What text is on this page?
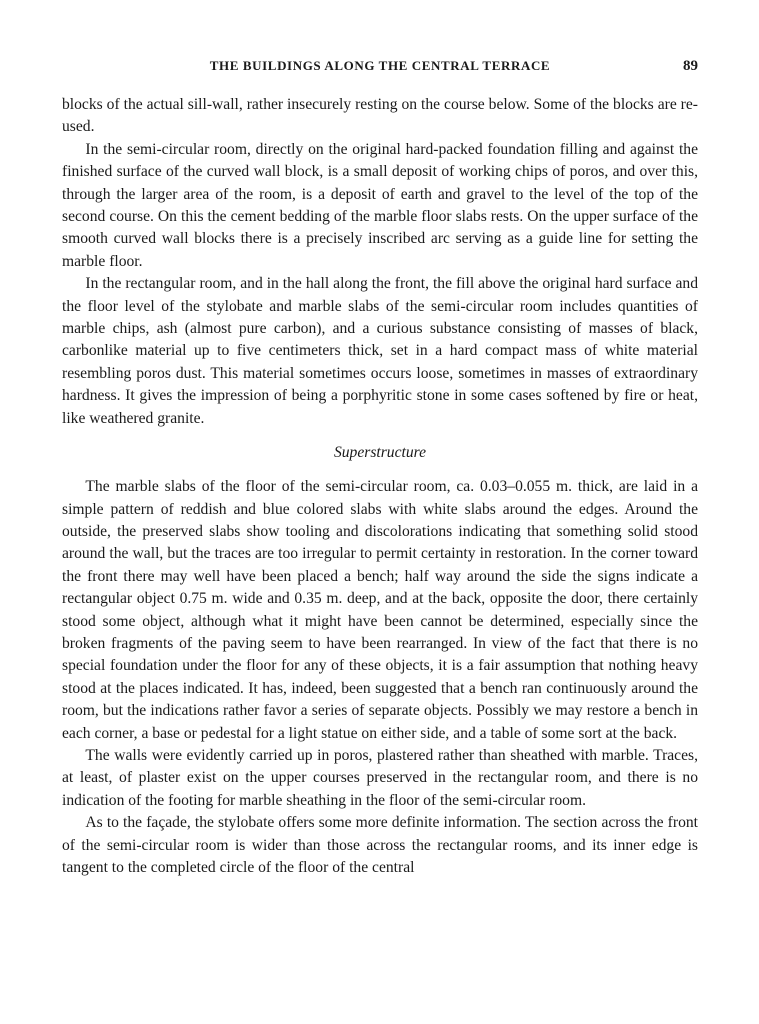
THE BUILDINGS ALONG THE CENTRAL TERRACE	89

blocks of the actual sill-wall, rather insecurely resting on the course below. Some of the blocks are re-used.

In the semi-circular room, directly on the original hard-packed foundation filling and against the finished surface of the curved wall block, is a small deposit of working chips of poros, and over this, through the larger area of the room, is a deposit of earth and gravel to the level of the top of the second course. On this the cement bedding of the marble floor slabs rests. On the upper surface of the smooth curved wall blocks there is a precisely inscribed arc serving as a guide line for setting the marble floor.

In the rectangular room, and in the hall along the front, the fill above the original hard surface and the floor level of the stylobate and marble slabs of the semi-circular room includes quantities of marble chips, ash (almost pure carbon), and a curious substance consisting of masses of black, carbonlike material up to five centimeters thick, set in a hard compact mass of white material resembling poros dust. This material sometimes occurs loose, sometimes in masses of extraordinary hardness. It gives the impression of being a porphyritic stone in some cases softened by fire or heat, like weathered granite.

Superstructure

The marble slabs of the floor of the semi-circular room, ca. 0.03–0.055 m. thick, are laid in a simple pattern of reddish and blue colored slabs with white slabs around the edges. Around the outside, the preserved slabs show tooling and discolorations indicating that something solid stood around the wall, but the traces are too irregular to permit certainty in restoration. In the corner toward the front there may well have been placed a bench; half way around the side the signs indicate a rectangular object 0.75 m. wide and 0.35 m. deep, and at the back, opposite the door, there certainly stood some object, although what it might have been cannot be determined, especially since the broken fragments of the paving seem to have been rearranged. In view of the fact that there is no special foundation under the floor for any of these objects, it is a fair assumption that nothing heavy stood at the places indicated. It has, indeed, been suggested that a bench ran continuously around the room, but the indications rather favor a series of separate objects. Possibly we may restore a bench in each corner, a base or pedestal for a light statue on either side, and a table of some sort at the back.

The walls were evidently carried up in poros, plastered rather than sheathed with marble. Traces, at least, of plaster exist on the upper courses preserved in the rectangular room, and there is no indication of the footing for marble sheathing in the floor of the semi-circular room.

As to the façade, the stylobate offers some more definite information. The section across the front of the semi-circular room is wider than those across the rectangular rooms, and its inner edge is tangent to the completed circle of the floor of the central
